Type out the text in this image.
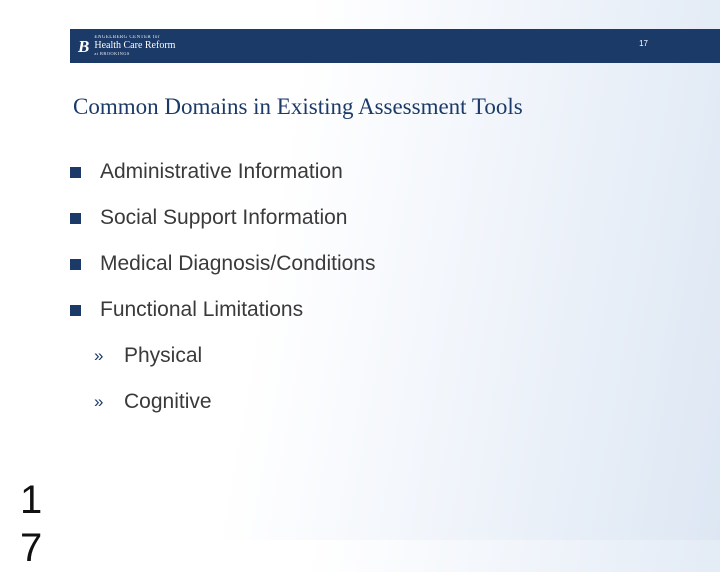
B ENGELBERG CENTER for
Health Care Reform
at BROOKINGS
17
Common Domains in Existing Assessment Tools
Administrative Information
Social Support Information
Medical Diagnosis/Conditions
Functional Limitations
» Physical
» Cognitive
17
